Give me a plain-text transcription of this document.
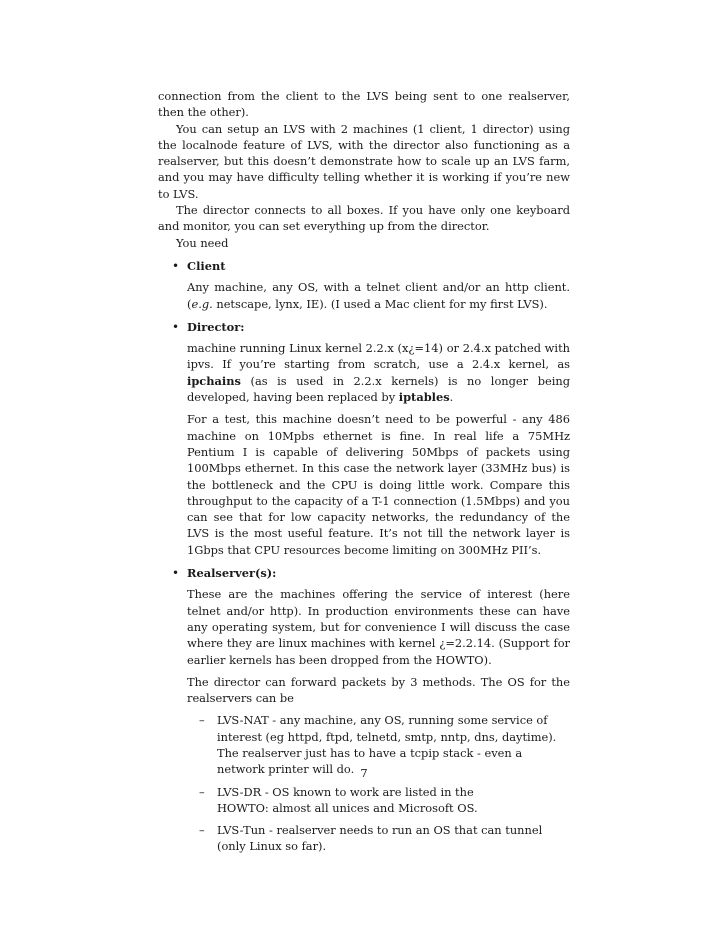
connection from the client to the LVS being sent to one realserver, then the other).

You can setup an LVS with 2 machines (1 client, 1 director) using the localnode feature of LVS, with the director also functioning as a realserver, but this doesn’t demonstrate how to scale up an LVS farm, and you may have difficulty telling whether it is working if you’re new to LVS.

The director connects to all boxes. If you have only one keyboard and monitor, you can set everything up from the director.

You need

• Client

Any machine, any OS, with a telnet client and/or an http client. (e.g. netscape, lynx, IE). (I used a Mac client for my first LVS).

• Director:

machine running Linux kernel 2.2.x (x¿=14) or 2.4.x patched with ipvs. If you’re starting from scratch, use a 2.4.x kernel, as ipchains (as is used in 2.2.x kernels) is no longer being developed, having been replaced by iptables.

For a test, this machine doesn’t need to be powerful - any 486 machine on 10Mpbs ethernet is fine. In real life a 75MHz Pentium I is capable of delivering 50Mbps of packets using 100Mbps ethernet. In this case the network layer (33MHz bus) is the bottleneck and the CPU is doing little work. Compare this throughput to the capacity of a T-1 connection (1.5Mbps) and you can see that for low capacity networks, the redundancy of the LVS is the most useful feature. It’s not till the network layer is 1Gbps that CPU resources become limiting on 300MHz PII’s.

• Realserver(s):

These are the machines offering the service of interest (here telnet and/or http). In production environments these can have any operating system, but for convenience I will discuss the case where they are linux machines with kernel ¿=2.2.14. (Support for earlier kernels has been dropped from the HOWTO).

The director can forward packets by 3 methods. The OS for the realservers can be

– LVS-NAT - any machine, any OS, running some service of interest (eg httpd, ftpd, telnetd, smtp, nntp, dns, daytime). The realserver just has to have a tcpip stack - even a network printer will do.
– LVS-DR - OS known to work are listed in the
HOWTO: almost all unices and Microsoft OS.
– LVS-Tun - realserver needs to run an OS that can tunnel (only Linux so far).
7
